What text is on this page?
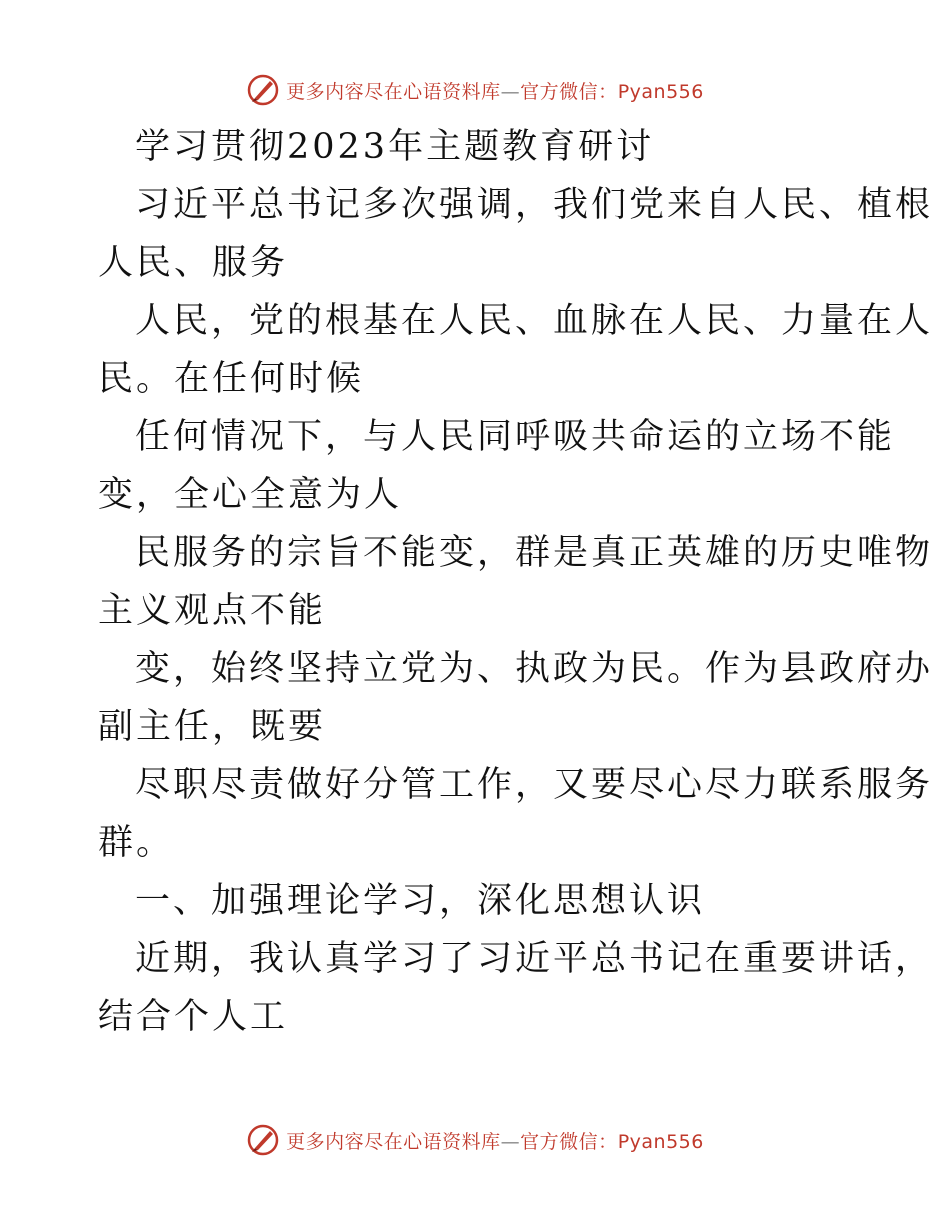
更多内容尽在心语资料库—官方微信：Pyan556

学习贯彻2023年主题教育研讨

习近平总书记多次强调，我们党来自人民、植根

人民、服务

人民，党的根基在人民、血脉在人民、力量在人

民。在任何时候

任何情况下，与人民同呼吸共命运的立场不能

变，全心全意为人

民服务的宗旨不能变，群是真正英雄的历史唯物

主义观点不能

变，始终坚持立党为、执政为民。作为县政府办

副主任，既要

尽职尽责做好分管工作，又要尽心尽力联系服务

群。

一、加强理论学习，深化思想认识

近期，我认真学习了习近平总书记在重要讲话，

结合个人工

更多内容尽在心语资料库—官方微信：Pyan556
